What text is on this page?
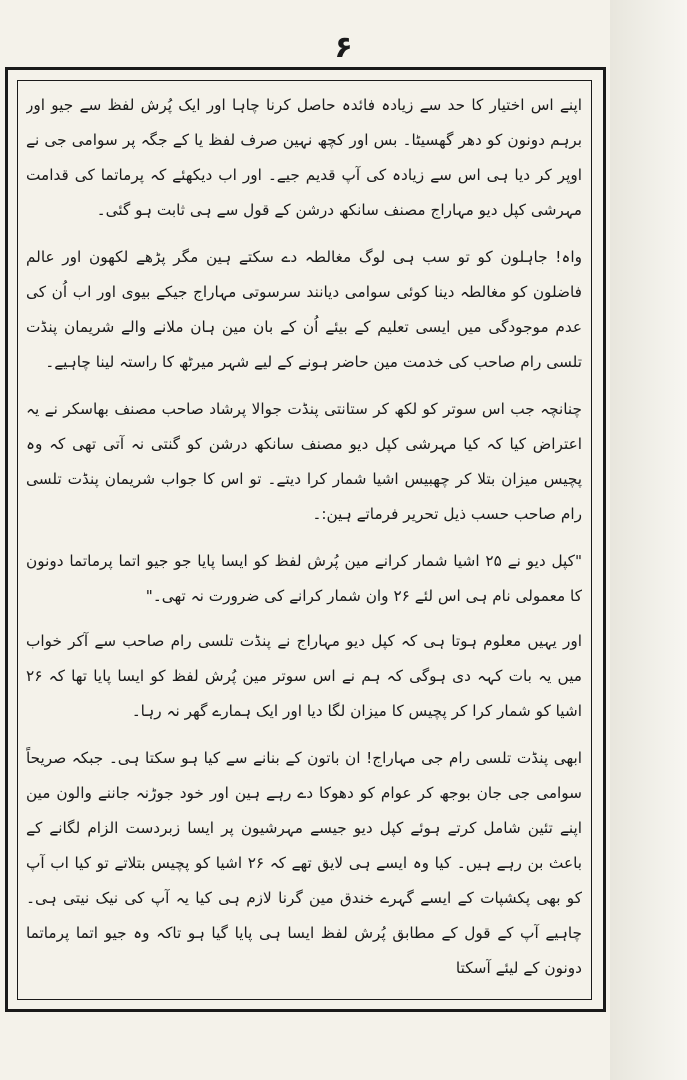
۶

اپنے اس اختیار کا حد سے زیادہ فائدہ حاصل کرنا چاہا اور ایک پُرش لفظ سے جیو اور برہم دونون کو دھر گھسیٹا۔ بس اور کچھ نہین صرف لفظ یا کے جگہ پر سوامی جی نے اوپر کر دیا ہی اس سے زیادہ کی آپ قدیم جیے۔ اور اب دیکھئے کہ پرماتما کی قدامت مہرشی کپل دیو مہاراج مصنف سانکھ درشن کے قول سے ہی ثابت ہو گئی۔

واہ! جاہلون کو تو سب ہی لوگ مغالطہ دے سکتے ہین مگر پڑھے لکھون اور عالم فاضلون کو مغالطہ دینا کوئی سوامی دیانند سرسوتی مہاراج جیکے بیوی اور اب اُن کی عدم موجودگی میں ایسی تعلیم کے بیئے اُن کے بان مین ہان ملانے والے شریمان پنڈت تلسی رام صاحب کی خدمت مین حاضر ہونے کے لیے شہر میرٹھ کا راستہ لینا چاہیے۔

چنانچہ جب اس سوتر کو لکھ کر ستانتی پنڈت جوالا پرشاد صاحب مصنف بھاسکر نے یہ اعتراض کیا کہ کیا مہرشی کپل دیو مصنف سانکھ درشن کو گنتی نہ آتی تھی کہ وہ پچیس میزان بتلا کر چھبیس اشیا شمار کرا دیتے۔ تو اس کا جواب شریمان پنڈت تلسی رام صاحب حسب ذیل تحریر فرماتے ہین:۔

"کپل دیو نے ۲۵ اشیا شمار کرانے مین پُرش لفظ کو ایسا پایا جو جیو اتما پرماتما دونون کا معمولی نام ہی اس لئے ۲۶ وان شمار کرانے کی ضرورت نہ تھی۔"

اور یہیں معلوم ہوتا ہی کہ کپل دیو مہاراج نے پنڈت تلسی رام صاحب سے آکر خواب میں یہ بات کہہ دی ہوگی کہ ہم نے اس سوتر مین پُرش لفظ کو ایسا پایا تھا کہ ۲۶ اشیا کو شمار کرا کر پچیس کا میزان لگا دیا اور ایک ہمارے گھر نہ رہا۔

ابھی پنڈت تلسی رام جی مہاراج! ان باتون کے بنانے سے کیا ہو سکتا ہی۔ جبکہ صریحاً سوامی جی جان بوجھ کر عوام کو دھوکا دے رہے ہین اور خود جوڑنہ جاننے والون مین اپنے تئین شامل کرتے ہوئے کپل دیو جیسے مہرشیون پر ایسا زبردست الزام لگانے کے باعث بن رہے ہیں۔ کیا وہ ایسے ہی لایق تھے کہ ۲۶ اشیا کو پچیس بتلاتے تو کیا اب آپ کو بھی پکشپات کے ایسے گہرے خندق مین گرنا لازم ہی کیا یہ آپ کی نیک نیتی ہی۔ چاہیے آپ کے قول کے مطابق پُرش لفظ ایسا ہی پایا گیا ہو تاکہ وہ جیو اتما پرماتما دونون کے لیئے آسکتا
